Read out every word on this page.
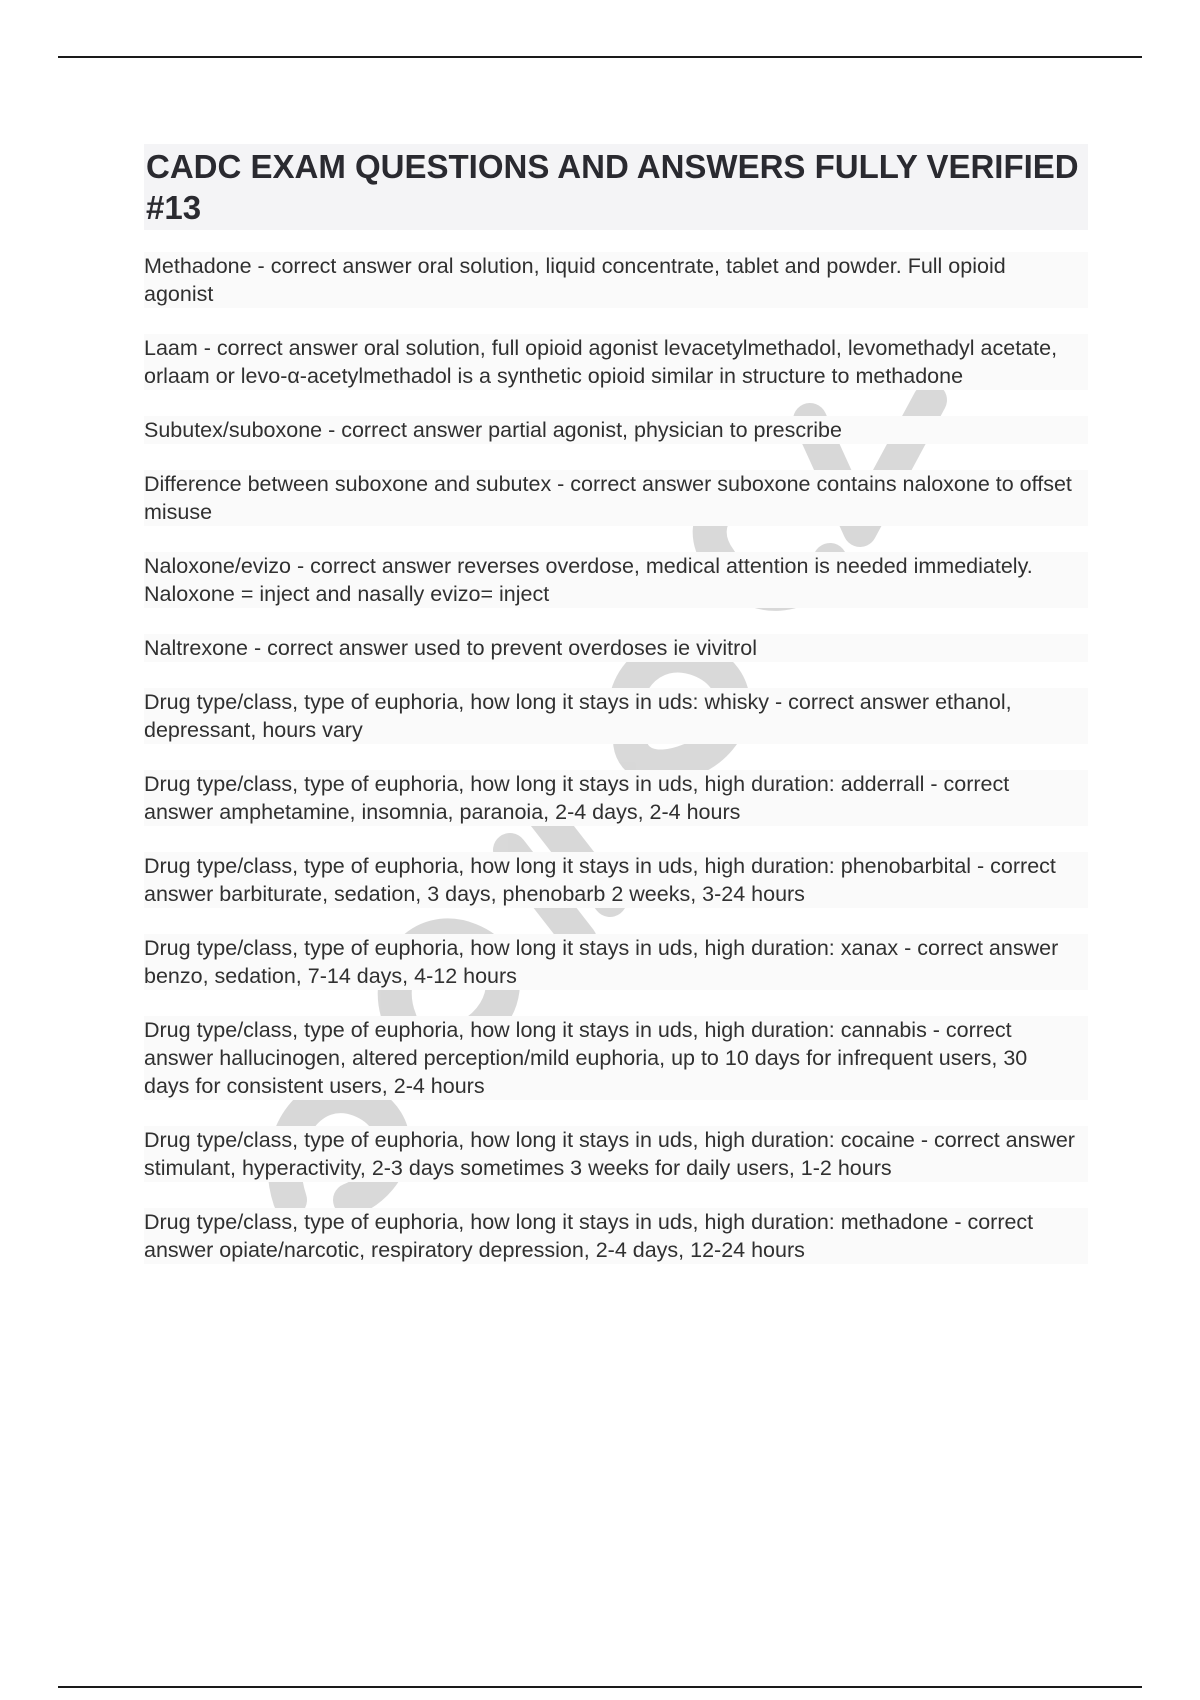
CADC EXAM QUESTIONS AND ANSWERS FULLY VERIFIED #13

Methadone - correct answer oral solution, liquid concentrate, tablet and powder. Full opioid agonist

Laam - correct answer oral solution, full opioid agonist levacetylmethadol, levomethadyl acetate, orlaam or levo-α-acetylmethadol is a synthetic opioid similar in structure to methadone

Subutex/suboxone - correct answer partial agonist, physician to prescribe

Difference between suboxone and subutex - correct answer suboxone contains naloxone to offset misuse

Naloxone/evizo - correct answer reverses overdose, medical attention is needed immediately. Naloxone = inject and nasally evizo= inject

Naltrexone - correct answer used to prevent overdoses ie vivitrol

Drug type/class, type of euphoria, how long it stays in uds: whisky - correct answer ethanol, depressant, hours vary

Drug type/class, type of euphoria, how long it stays in uds, high duration: adderrall - correct answer amphetamine, insomnia, paranoia, 2-4 days, 2-4 hours

Drug type/class, type of euphoria, how long it stays in uds, high duration: phenobarbital - correct answer barbiturate, sedation, 3 days, phenobarb 2 weeks, 3-24 hours

Drug type/class, type of euphoria, how long it stays in uds, high duration: xanax - correct answer benzo, sedation, 7-14 days, 4-12 hours

Drug type/class, type of euphoria, how long it stays in uds, high duration: cannabis - correct answer hallucinogen, altered perception/mild euphoria, up to 10 days for infrequent users, 30 days for consistent users, 2-4 hours

Drug type/class, type of euphoria, how long it stays in uds, high duration: cocaine - correct answer stimulant, hyperactivity, 2-3 days sometimes 3 weeks for daily users, 1-2 hours

Drug type/class, type of euphoria, how long it stays in uds, high duration: methadone - correct answer opiate/narcotic, respiratory depression, 2-4 days, 12-24 hours
